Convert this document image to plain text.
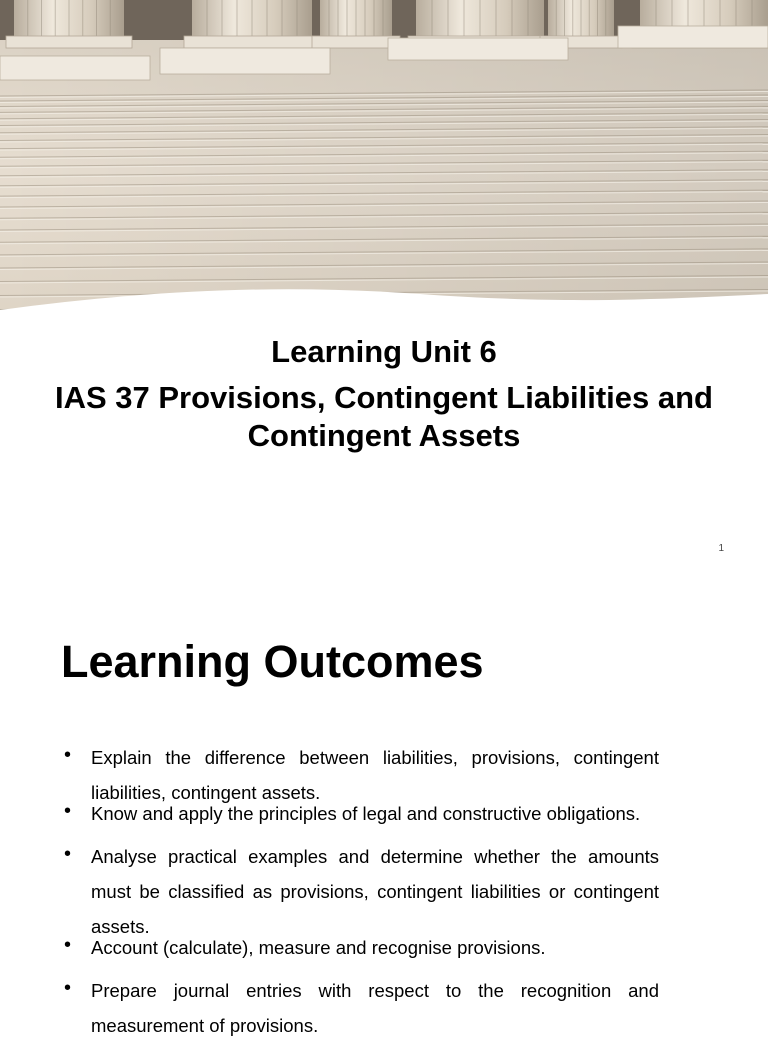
Learning Unit 6
IAS 37 Provisions, Contingent Liabilities and Contingent Assets
1
Learning Outcomes
• Explain the difference between liabilities, provisions, contingent liabilities, contingent assets.
• Know and apply the principles of legal and constructive obligations.
• Analyse practical examples and determine whether the amounts must be classified as provisions, contingent liabilities or contingent assets.
• Account (calculate), measure and recognise provisions.
• Prepare journal entries with respect to the recognition and measurement of provisions.
